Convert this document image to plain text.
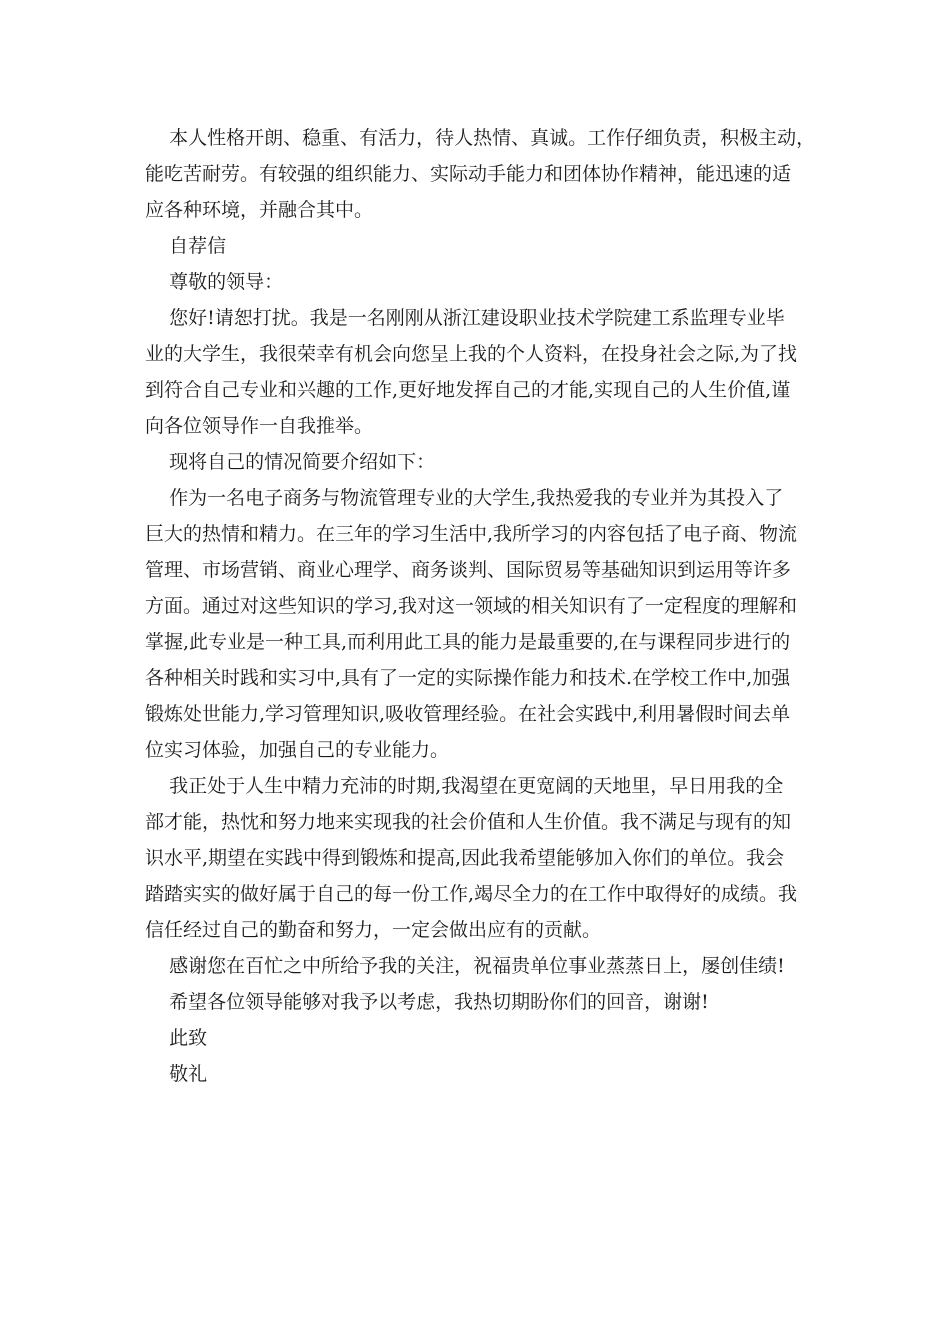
本人性格开朗、稳重、有活力，待人热情、真诚。工作仔细负责，积极主动，
能吃苦耐劳。有较强的组织能力、实际动手能力和团体协作精神，能迅速的适
应各种环境，并融合其中。
自荐信
尊敬的领导：
您好!请恕打扰。我是一名刚刚从浙江建设职业技术学院建工系监理专业毕
业的大学生，我很荣幸有机会向您呈上我的个人资料，在投身社会之际,为了找
到符合自己专业和兴趣的工作,更好地发挥自己的才能,实现自己的人生价值,谨
向各位领导作一自我推举。
现将自己的情况简要介绍如下：
作为一名电子商务与物流管理专业的大学生,我热爱我的专业并为其投入了
巨大的热情和精力。在三年的学习生活中,我所学习的内容包括了电子商、物流
管理、市场营销、商业心理学、商务谈判、国际贸易等基础知识到运用等许多
方面。通过对这些知识的学习,我对这一领域的相关知识有了一定程度的理解和
掌握,此专业是一种工具,而利用此工具的能力是最重要的,在与课程同步进行的
各种相关时践和实习中,具有了一定的实际操作能力和技术.在学校工作中,加强
锻炼处世能力,学习管理知识,吸收管理经验。在社会实践中,利用暑假时间去单
位实习体验，加强自己的专业能力。
我正处于人生中精力充沛的时期,我渴望在更宽阔的天地里，早日用我的全
部才能，热忱和努力地来实现我的社会价值和人生价值。我不满足与现有的知
识水平,期望在实践中得到锻炼和提高,因此我希望能够加入你们的单位。我会
踏踏实实的做好属于自己的每一份工作,竭尽全力的在工作中取得好的成绩。我
信任经过自己的勤奋和努力，一定会做出应有的贡献。
感谢您在百忙之中所给予我的关注，祝福贵单位事业蒸蒸日上，屡创佳绩!
希望各位领导能够对我予以考虑，我热切期盼你们的回音，谢谢!
此致
敬礼
